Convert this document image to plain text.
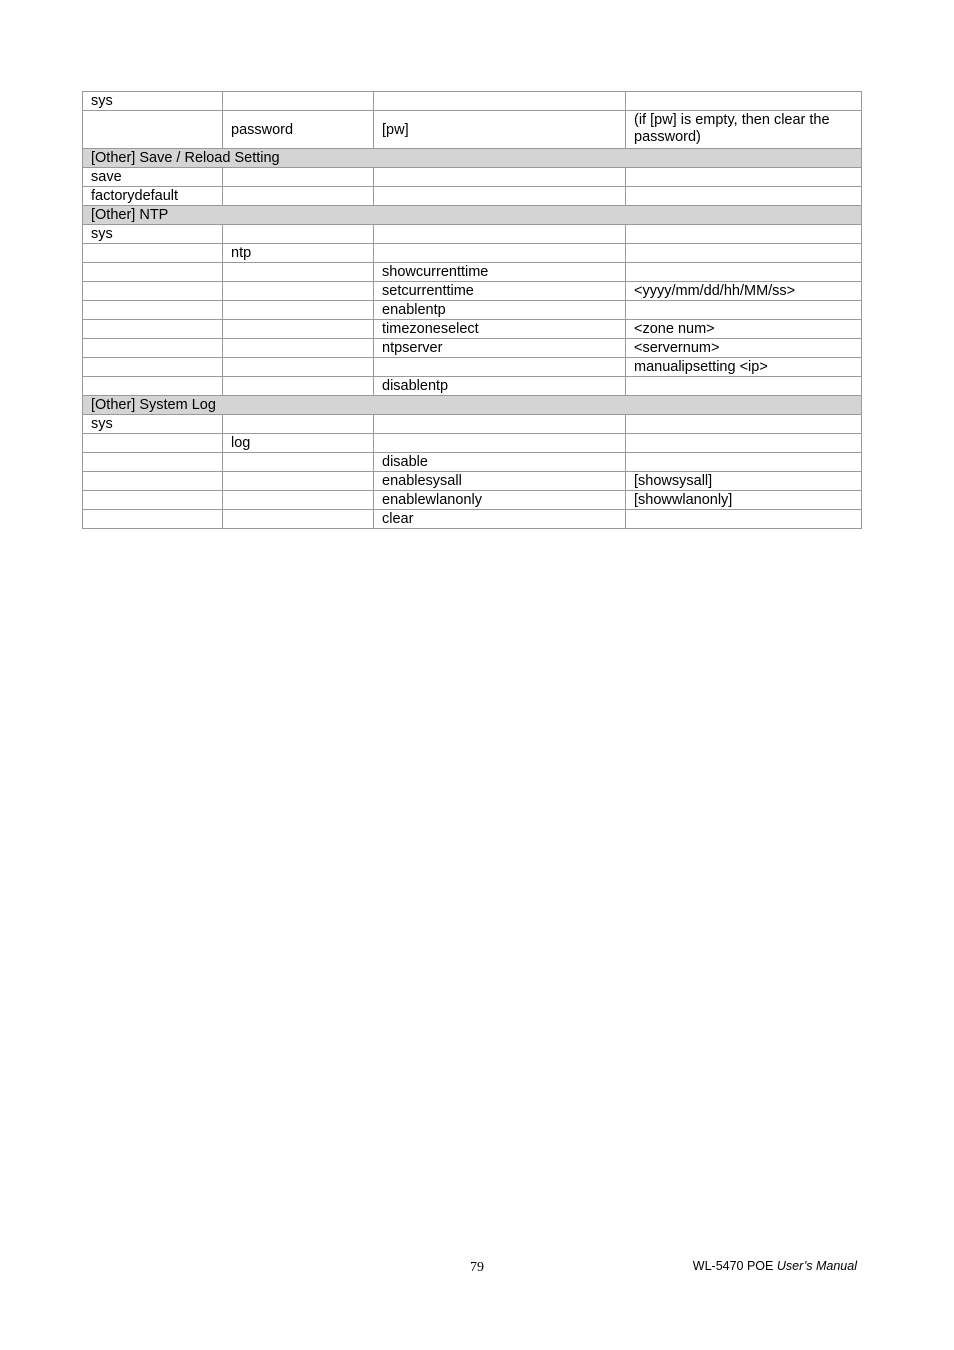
sys			
	password	[pw]	(if [pw] is empty, then clear the password)
[Other] Save / Reload Setting			
save			
factorydefault			
[Other] NTP			
sys			
	ntp		
		showcurrenttime	
		setcurrenttime	<yyyy/mm/dd/hh/MM/ss>
		enablentp	
		timezoneselect	<zone num>
		ntpserver	<servernum>
			manualipsetting <ip>
		disablentp	
[Other] System Log			
sys			
	log		
		disable	
		enablesysall	[showsysall]
		enablewlanonly	[showwlanonly]
		clear	
79	WL-5470 POE User’s Manual
